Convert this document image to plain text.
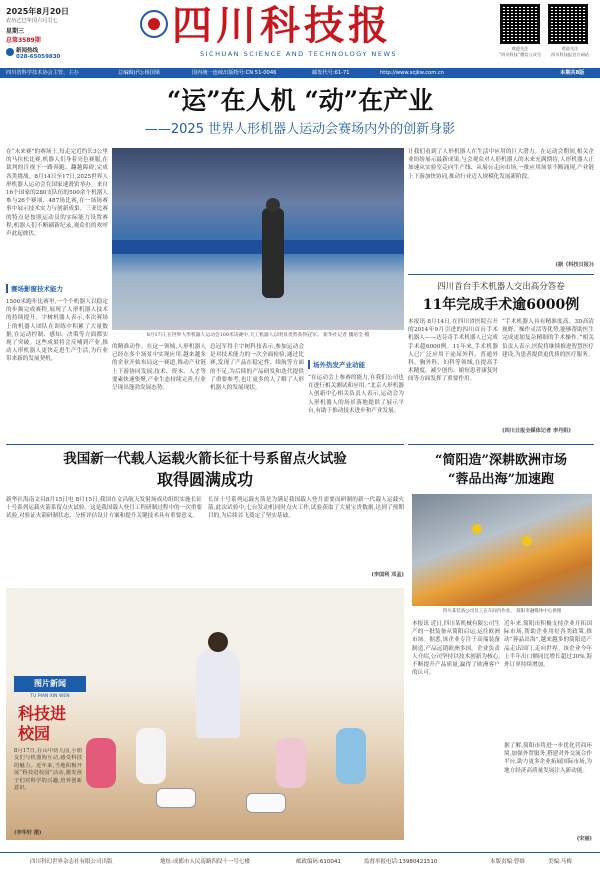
2025年8月20日
农历乙巳年闰六月廿七
星期三
总第3589期
新闻热线
028-65059830
四川科技报
SICHUAN SCIENCE AND TECHNOLOGY NEWS
欢迎关注
“四川科技”微信公众号
欢迎关注
四川科技报官方网站
四川省科学技术协会主管、主办	总编辑(代):杨国梁	国内统一连续出版物号:CN 51-0046	邮发代号:61-71	http://www.scjkw.com.cn	本期共8版
“运”在人机 “动”在产业
——2025 世界人形机器人运动会赛场内外的创新身影
在“未来赛”的赛场上,每走完近约长3公里的马拉松比赛,机器人们身着亮色赛服,在裁判的注视下一路奔跑、翻越障碍,完成各类挑战。8月14日至17日,2025世界人形机器人运动会在国家速滑馆举办。来自16个国家的280支队伍的500余个机器人参与26个赛项、487场比赛,在一场场赛事中展示技术实力与创新成果。三亚比赛的特点是按照运动员的实际能力设置赛程,机器人们不断刷新纪录,观众们的欢呼声此起彼伏。
赛场影窗技术能力
1500米跑步比赛里,一个个机器人以稳定的步频完成赛程,展现了人形机器人技术的持续提升。宇树机器人表示,本次赛场上的机器人团队在训练中积累了大量数据,在运动控制、感知、决策等方面都实现了突破。这些成果将会反哺到产业,推动人形机器人更快走进生产生活,为行业带来新的发展契机。
8月17日,在世界人形机器人运动会100米决赛中,天工机器人以明显优势获得冠军。 新华社记者 魏培全 摄
的精准动作。在这一领域,人形机器人已经在多个场景中实现应用,越来越多的企业开始布局这一赛道,推动产业链上下游协同发展,技术、资本、人才等要素快速集聚,产业生态持续完善,行业呈现出蓬勃发展态势。
总冠军得主宇树科技表示,参加运动会是对技术能力的一次全面检验,通过比赛,发现了产品在稳定性、续航等方面的不足,为后续的产品研发和迭代提供了重要参考,也让更多的人了解了人形机器人的发展现状。
场外热发产业动能
“在运动会上参赛的能力,在我们公司也在进行相关测试和应用。”北京人形机器人创新中心相关负责人表示,运动会为人形机器人的场景落地提供了展示平台,有助于推动技术进步和产业发展。
让我们看到了人形机器人在生活中应用的巨大潜力。在运动会期间,相关企业纷纷展示最新成果,与会观众对人形机器人的未来充满期待,人形机器人正加速从实验室走向生产线、从展台走向市场,一批应用场景不断涌现,产业链上下游加快协同,推动行业迈入规模化发展新阶段。
(据《科技日报》)
四川首台手术机器人交出高分答卷
11年完成手术逾6000例
本报讯 8月14日,在四川省医院召开的2014年9月引进的四川首台手术机器人——达芬奇手术机器人已完成手术超6000例。11年来,手术机器人已广泛应用于泌尿外科、普通外科、胸外科、妇科等领域,在提高手术精度、减少创伤、缩短患者康复时间等方面发挥了重要作用。
“手术机器人具有精准度高、3D高清视野、操作灵活等优势,能够帮助医生完成更加复杂精细的手术操作。”相关负责人表示,医院将继续推进智慧医疗建设,为患者提供更优质的医疗服务。
(四川日报全媒体记者 李丹阳)
我国新一代载人运载火箭长征十号系留点火试验
取得圆满成功
新华社海南文昌8月15日电 8月15日,我国在文昌航天发射场成功组织实施长征十号系列运载火箭系留点火试验。这是我国载人登月工程研制过程中的一次重要试验,对验证火箭研制状态、分析评估设计方案和提升关键技术具有重要意义。
长征十号系列运载火箭是为满足我国载人登月需要而研制的新一代载人运载火箭,此次试验中,七台发动机同时点火工作,试验获取了大量宝贵数据,达到了预期目的,为后续首飞奠定了坚实基础。
(李国利 邓孟)
“简阳造”深耕欧洲市场
“蓉品出海”加速跑
四川某装备公司员工在车间内作业。 简阳市融媒体中心供图
本报讯 近日,四川某机械有限公司生产的一批装备从简阳启运,运往欧洲市场。据悉,该企业专注于高端装备制造,产品远销欧洲多国。企业负责人介绍,公司坚持以技术创新为核心,不断提升产品质量,赢得了欧洲客户的认可。
近年来,简阳市积极支持企业开拓国际市场,帮助企业用好各类政策,推动“蓉品出海”,越来越多的简阳造产品走出国门,走向世界。该企业今年上半年出口额同比增长超过30%,海外订单持续增加。
据了解,简阳市将进一步优化营商环境,加强外贸服务,搭建对外交流合作平台,助力更多企业拓展国际市场,为地方经济高质量发展注入新动能。
(宋丽)
图片新闻
TU PIAN XIN WEN
科技进校园
8月17日,在山中幼儿园,小朋友们与机器狗互动,感受科技的魅力。近年来,当地积极开展“科技进校园”活动,激发孩子们对科学的兴趣,培养创新意识。
(李华轩 摄)
四川科幻世界杂志社有限公司出版	地址:成都市人民南路四段十一号七楼	邮政编码:610041	监督举报电话:13980421510	本版责编:曾维	美编:马梅
